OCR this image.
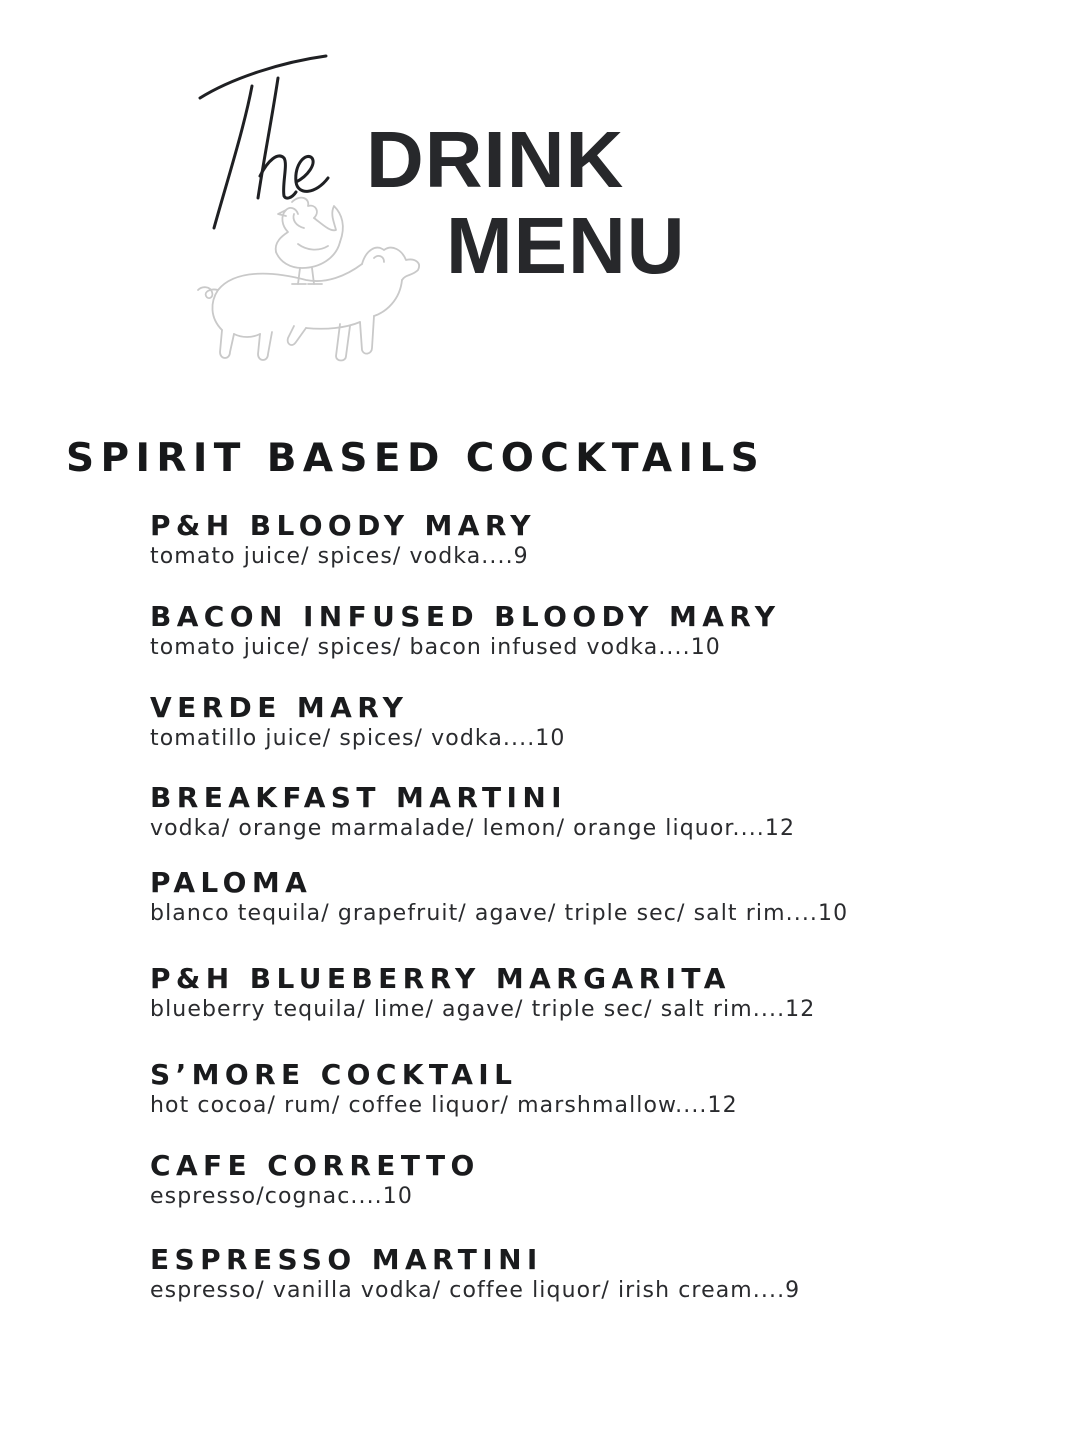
DRINK
MENU
SPIRIT BASED COCKTAILS
P&H BLOODY MARY
tomato juice/ spices/ vodka....9
BACON INFUSED BLOODY MARY
tomato juice/ spices/ bacon infused vodka....10
VERDE MARY
tomatillo juice/ spices/ vodka....10
BREAKFAST MARTINI
vodka/ orange marmalade/ lemon/ orange liquor....12
PALOMA
blanco tequila/ grapefruit/ agave/ triple sec/ salt rim....10
P&H BLUEBERRY MARGARITA
blueberry tequila/ lime/ agave/ triple sec/ salt rim....12
S’MORE COCKTAIL
hot cocoa/ rum/ coffee liquor/ marshmallow....12
CAFE CORRETTO
espresso/cognac....10
ESPRESSO MARTINI
espresso/ vanilla vodka/ coffee liquor/ irish cream....9
